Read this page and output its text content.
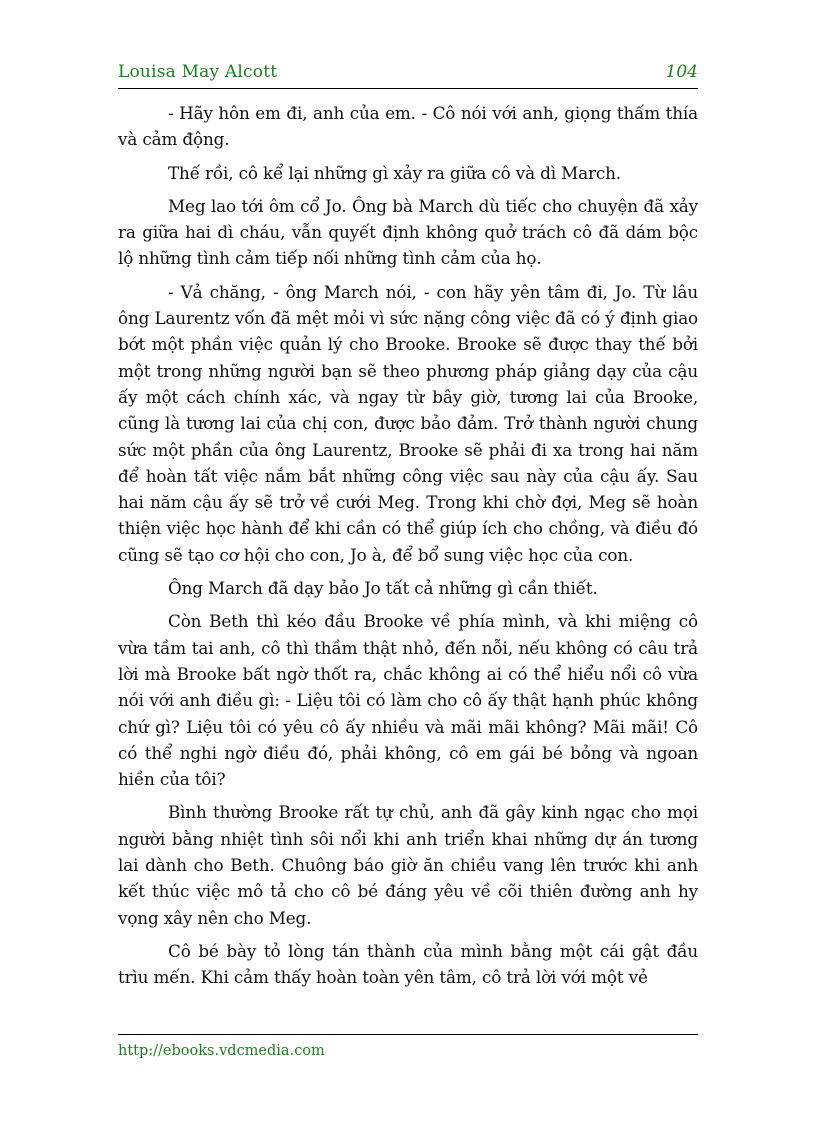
Louisa May Alcott	104

- Hãy hôn em đi, anh của em. - Cô nói với anh, giọng thấm thía và cảm động.

Thế rồi, cô kể lại những gì xảy ra giữa cô và dì March.

Meg lao tới ôm cổ Jo. Ông bà March dù tiếc cho chuyện đã xảy ra giữa hai dì cháu, vẫn quyết định không quở trách cô đã dám bộc lộ những tình cảm tiếp nối những tình cảm của họ.

- Vả chăng, - ông March nói, - con hãy yên tâm đi, Jo. Từ lâu ông Laurentz vốn đã mệt mỏi vì sức nặng công việc đã có ý định giao bớt một phần việc quản lý cho Brooke. Brooke sẽ được thay thế bởi một trong những người bạn sẽ theo phương pháp giảng dạy của cậu ấy một cách chính xác, và ngay từ bây giờ, tương lai của Brooke, cũng là tương lai của chị con, được bảo đảm. Trở thành người chung sức một phần của ông Laurentz, Brooke sẽ phải đi xa trong hai năm để hoàn tất việc nắm bắt những công việc sau này của cậu ấy. Sau hai năm cậu ấy sẽ trở về cưới Meg. Trong khi chờ đợi, Meg sẽ hoàn thiện việc học hành để khi cần có thể giúp ích cho chồng, và điều đó cũng sẽ tạo cơ hội cho con, Jo à, để bổ sung việc học của con.

Ông March đã dạy bảo Jo tất cả những gì cần thiết.

Còn Beth thì kéo đầu Brooke về phía mình, và khi miệng cô vừa tầm tai anh, cô thì thầm thật nhỏ, đến nỗi, nếu không có câu trả lời mà Brooke bất ngờ thốt ra, chắc không ai có thể hiểu nổi cô vừa nói với anh điều gì: - Liệu tôi có làm cho cô ấy thật hạnh phúc không chứ gì? Liệu tôi có yêu cô ấy nhiều và mãi mãi không? Mãi mãi! Cô có thể nghi ngờ điều đó, phải không, cô em gái bé bỏng và ngoan hiền của tôi?

Bình thường Brooke rất tự chủ, anh đã gây kinh ngạc cho mọi người bằng nhiệt tình sôi nổi khi anh triển khai những dự án tương lai dành cho Beth. Chuông báo giờ ăn chiều vang lên trước khi anh kết thúc việc mô tả cho cô bé đáng yêu về cõi thiên đường anh hy vọng xây nên cho Meg.

Cô bé bày tỏ lòng tán thành của mình bằng một cái gật đầu trìu mến. Khi cảm thấy hoàn toàn yên tâm, cô trả lời với một vẻ

http://ebooks.vdcmedia.com
